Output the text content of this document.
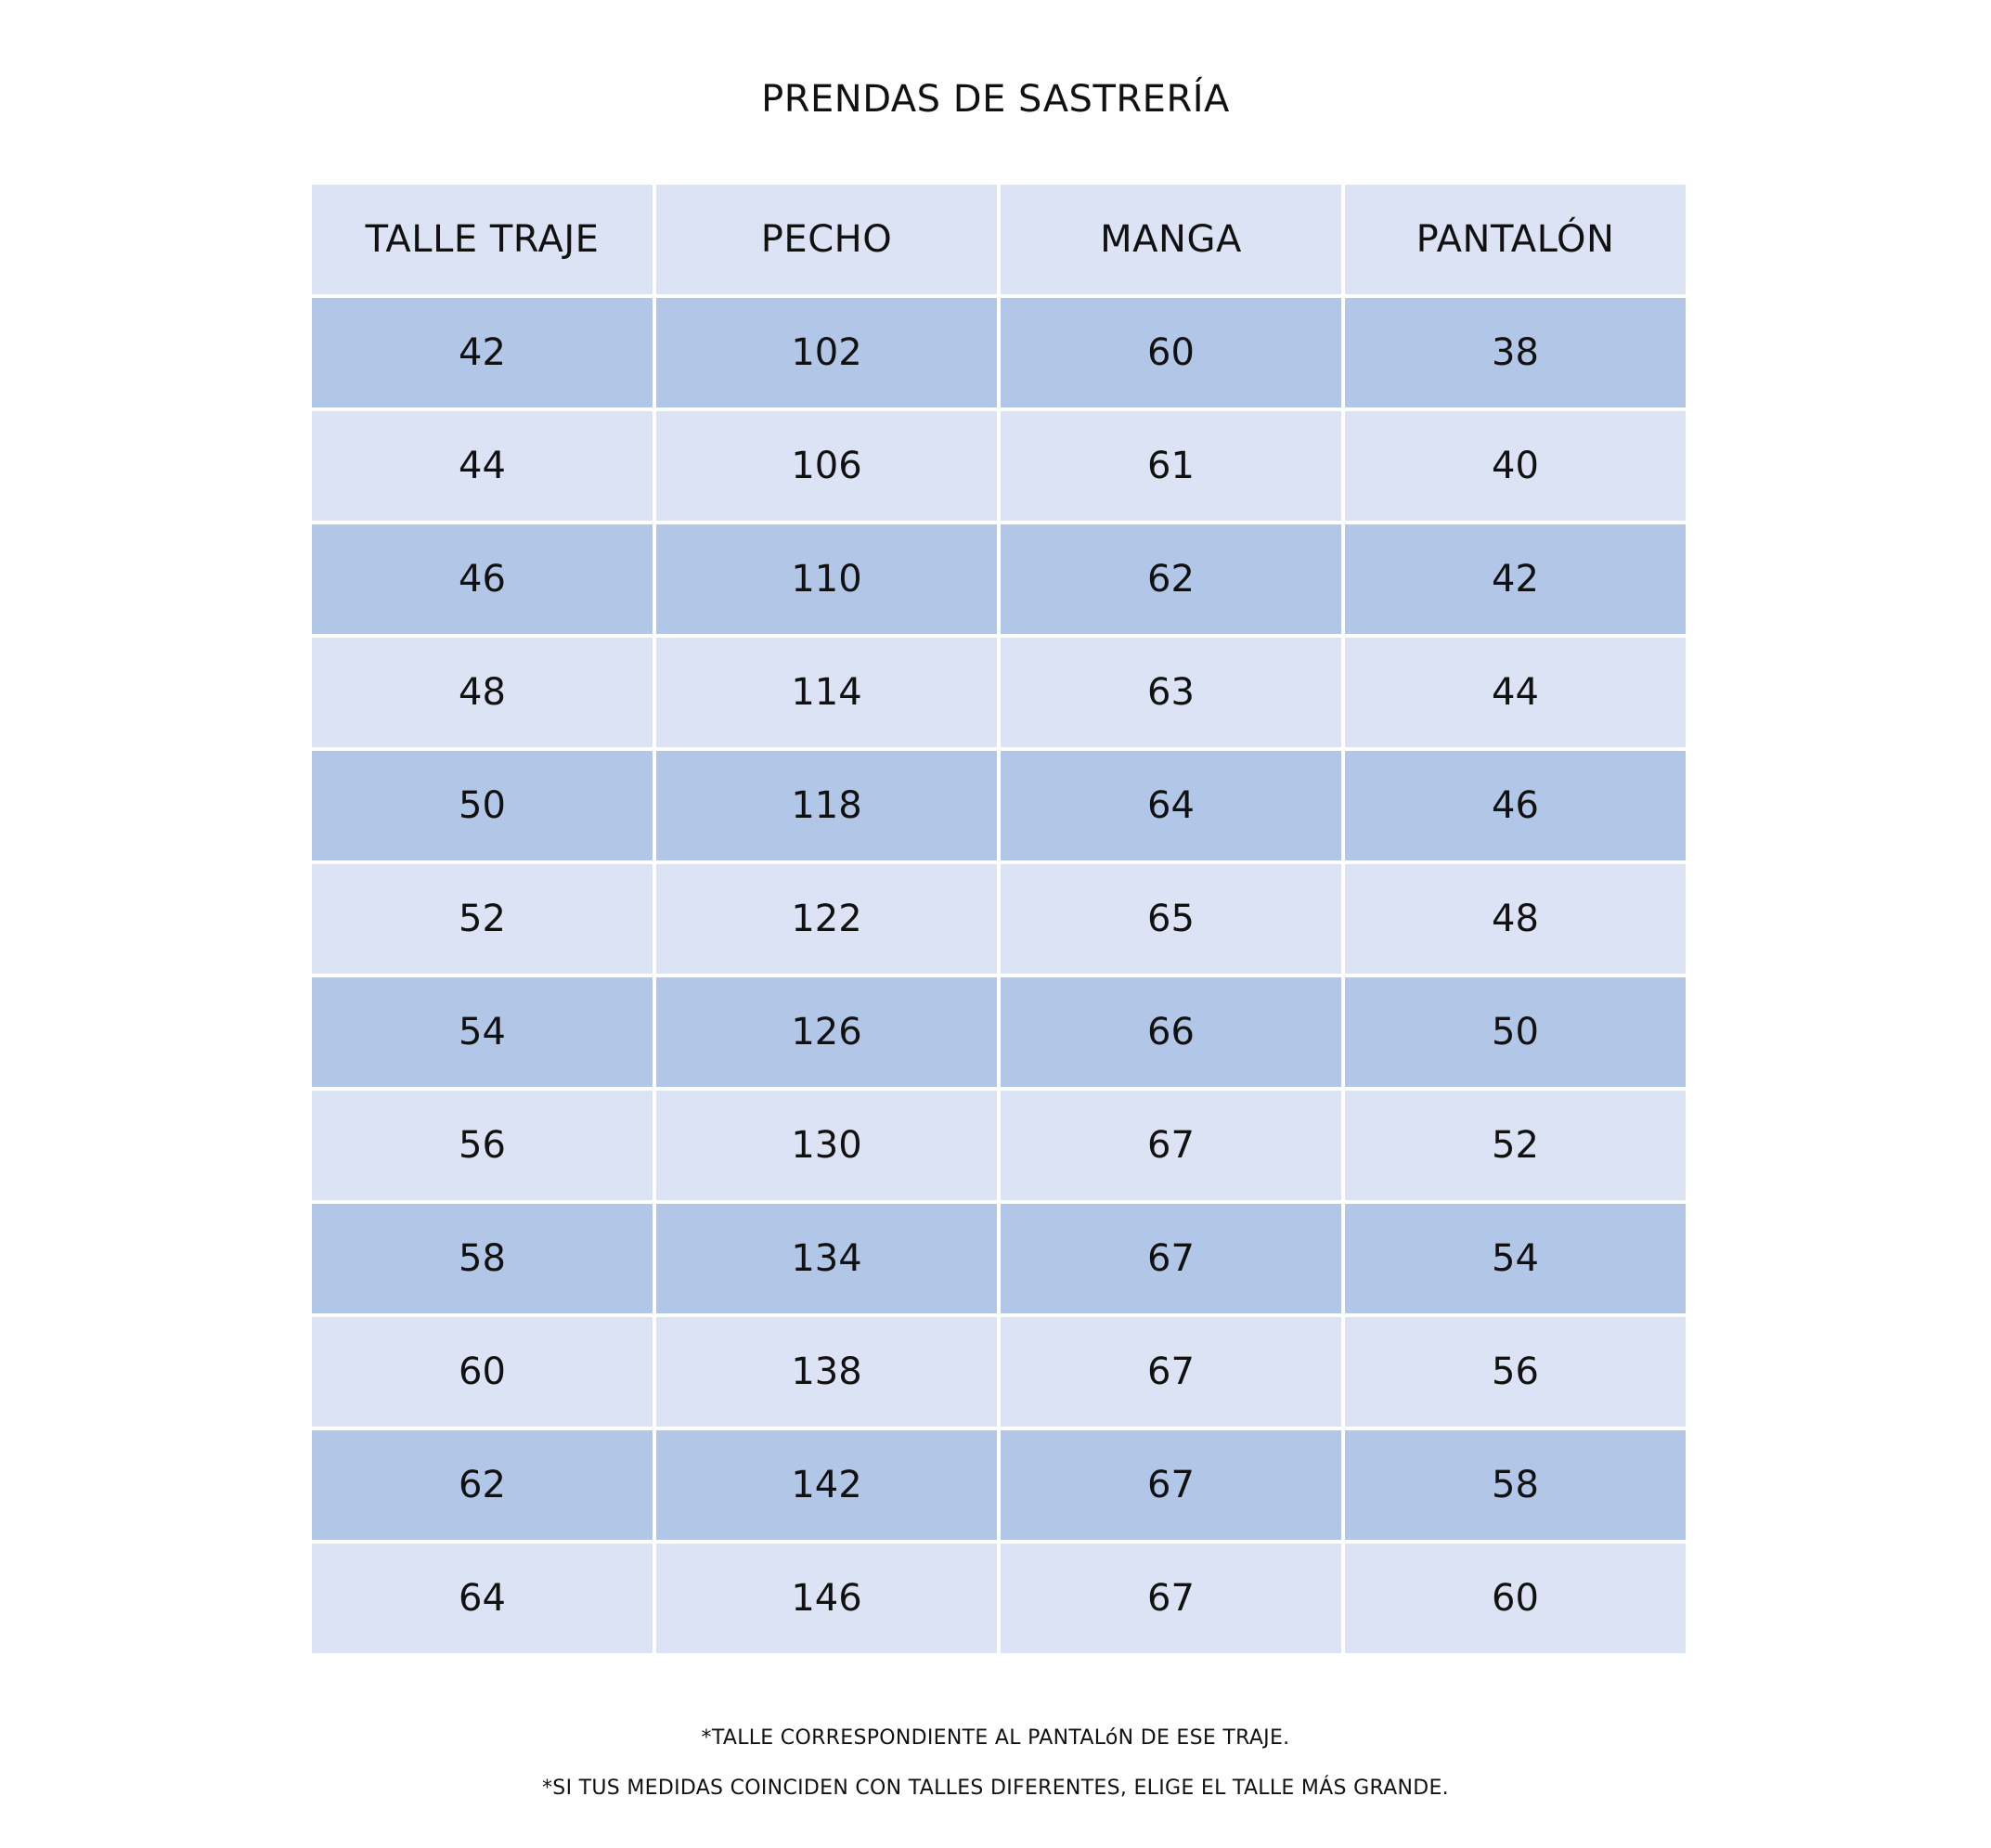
PRENDAS DE SASTRERÍA
TALLE TRAJE	PECHO	MANGA	PANTALÓN
42	102	60	38
44	106	61	40
46	110	62	42
48	114	63	44
50	118	64	46
52	122	65	48
54	126	66	50
56	130	67	52
58	134	67	54
60	138	67	56
62	142	67	58
64	146	67	60
*TALLE CORRESPONDIENTE AL PANTALóN DE ESE TRAJE.
*SI TUS MEDIDAS COINCIDEN CON TALLES DIFERENTES, ELIGE EL TALLE MÁS GRANDE.
